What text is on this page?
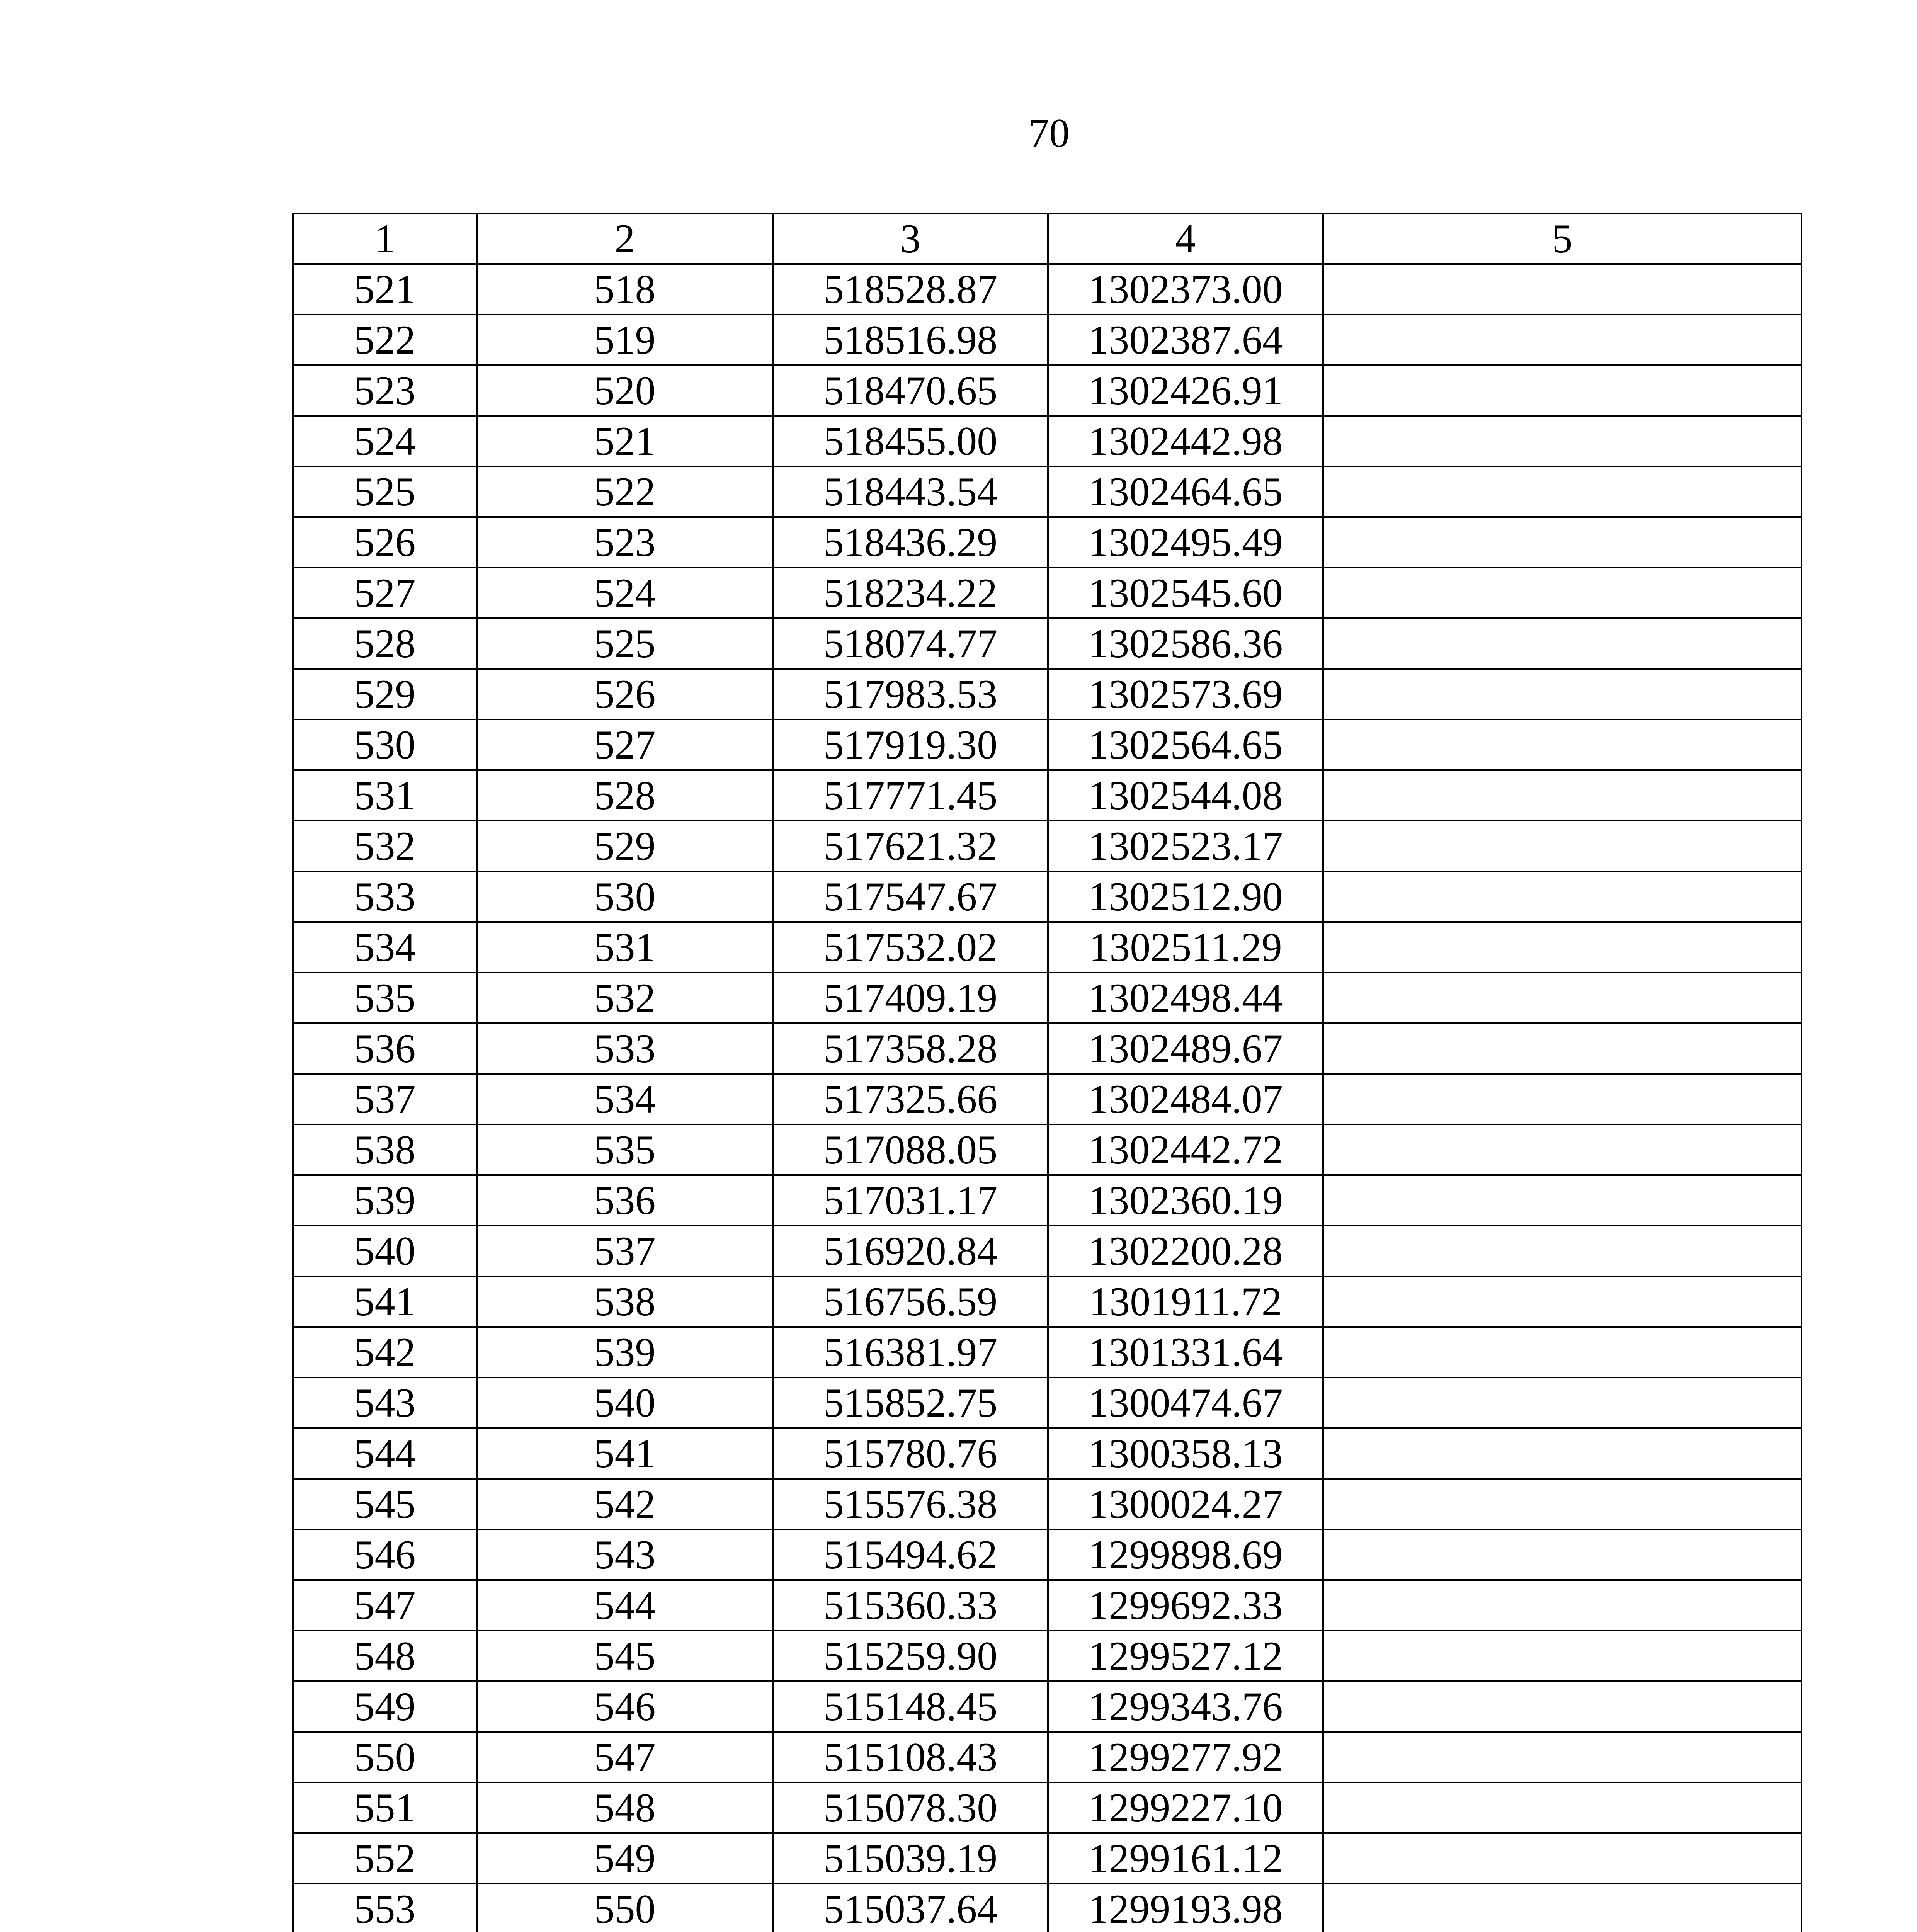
70
1	2	3	4	5
521	518	518528.87	1302373.00	
522	519	518516.98	1302387.64	
523	520	518470.65	1302426.91	
524	521	518455.00	1302442.98	
525	522	518443.54	1302464.65	
526	523	518436.29	1302495.49	
527	524	518234.22	1302545.60	
528	525	518074.77	1302586.36	
529	526	517983.53	1302573.69	
530	527	517919.30	1302564.65	
531	528	517771.45	1302544.08	
532	529	517621.32	1302523.17	
533	530	517547.67	1302512.90	
534	531	517532.02	1302511.29	
535	532	517409.19	1302498.44	
536	533	517358.28	1302489.67	
537	534	517325.66	1302484.07	
538	535	517088.05	1302442.72	
539	536	517031.17	1302360.19	
540	537	516920.84	1302200.28	
541	538	516756.59	1301911.72	
542	539	516381.97	1301331.64	
543	540	515852.75	1300474.67	
544	541	515780.76	1300358.13	
545	542	515576.38	1300024.27	
546	543	515494.62	1299898.69	
547	544	515360.33	1299692.33	
548	545	515259.90	1299527.12	
549	546	515148.45	1299343.76	
550	547	515108.43	1299277.92	
551	548	515078.30	1299227.10	
552	549	515039.19	1299161.12	
553	550	515037.64	1299193.98	
